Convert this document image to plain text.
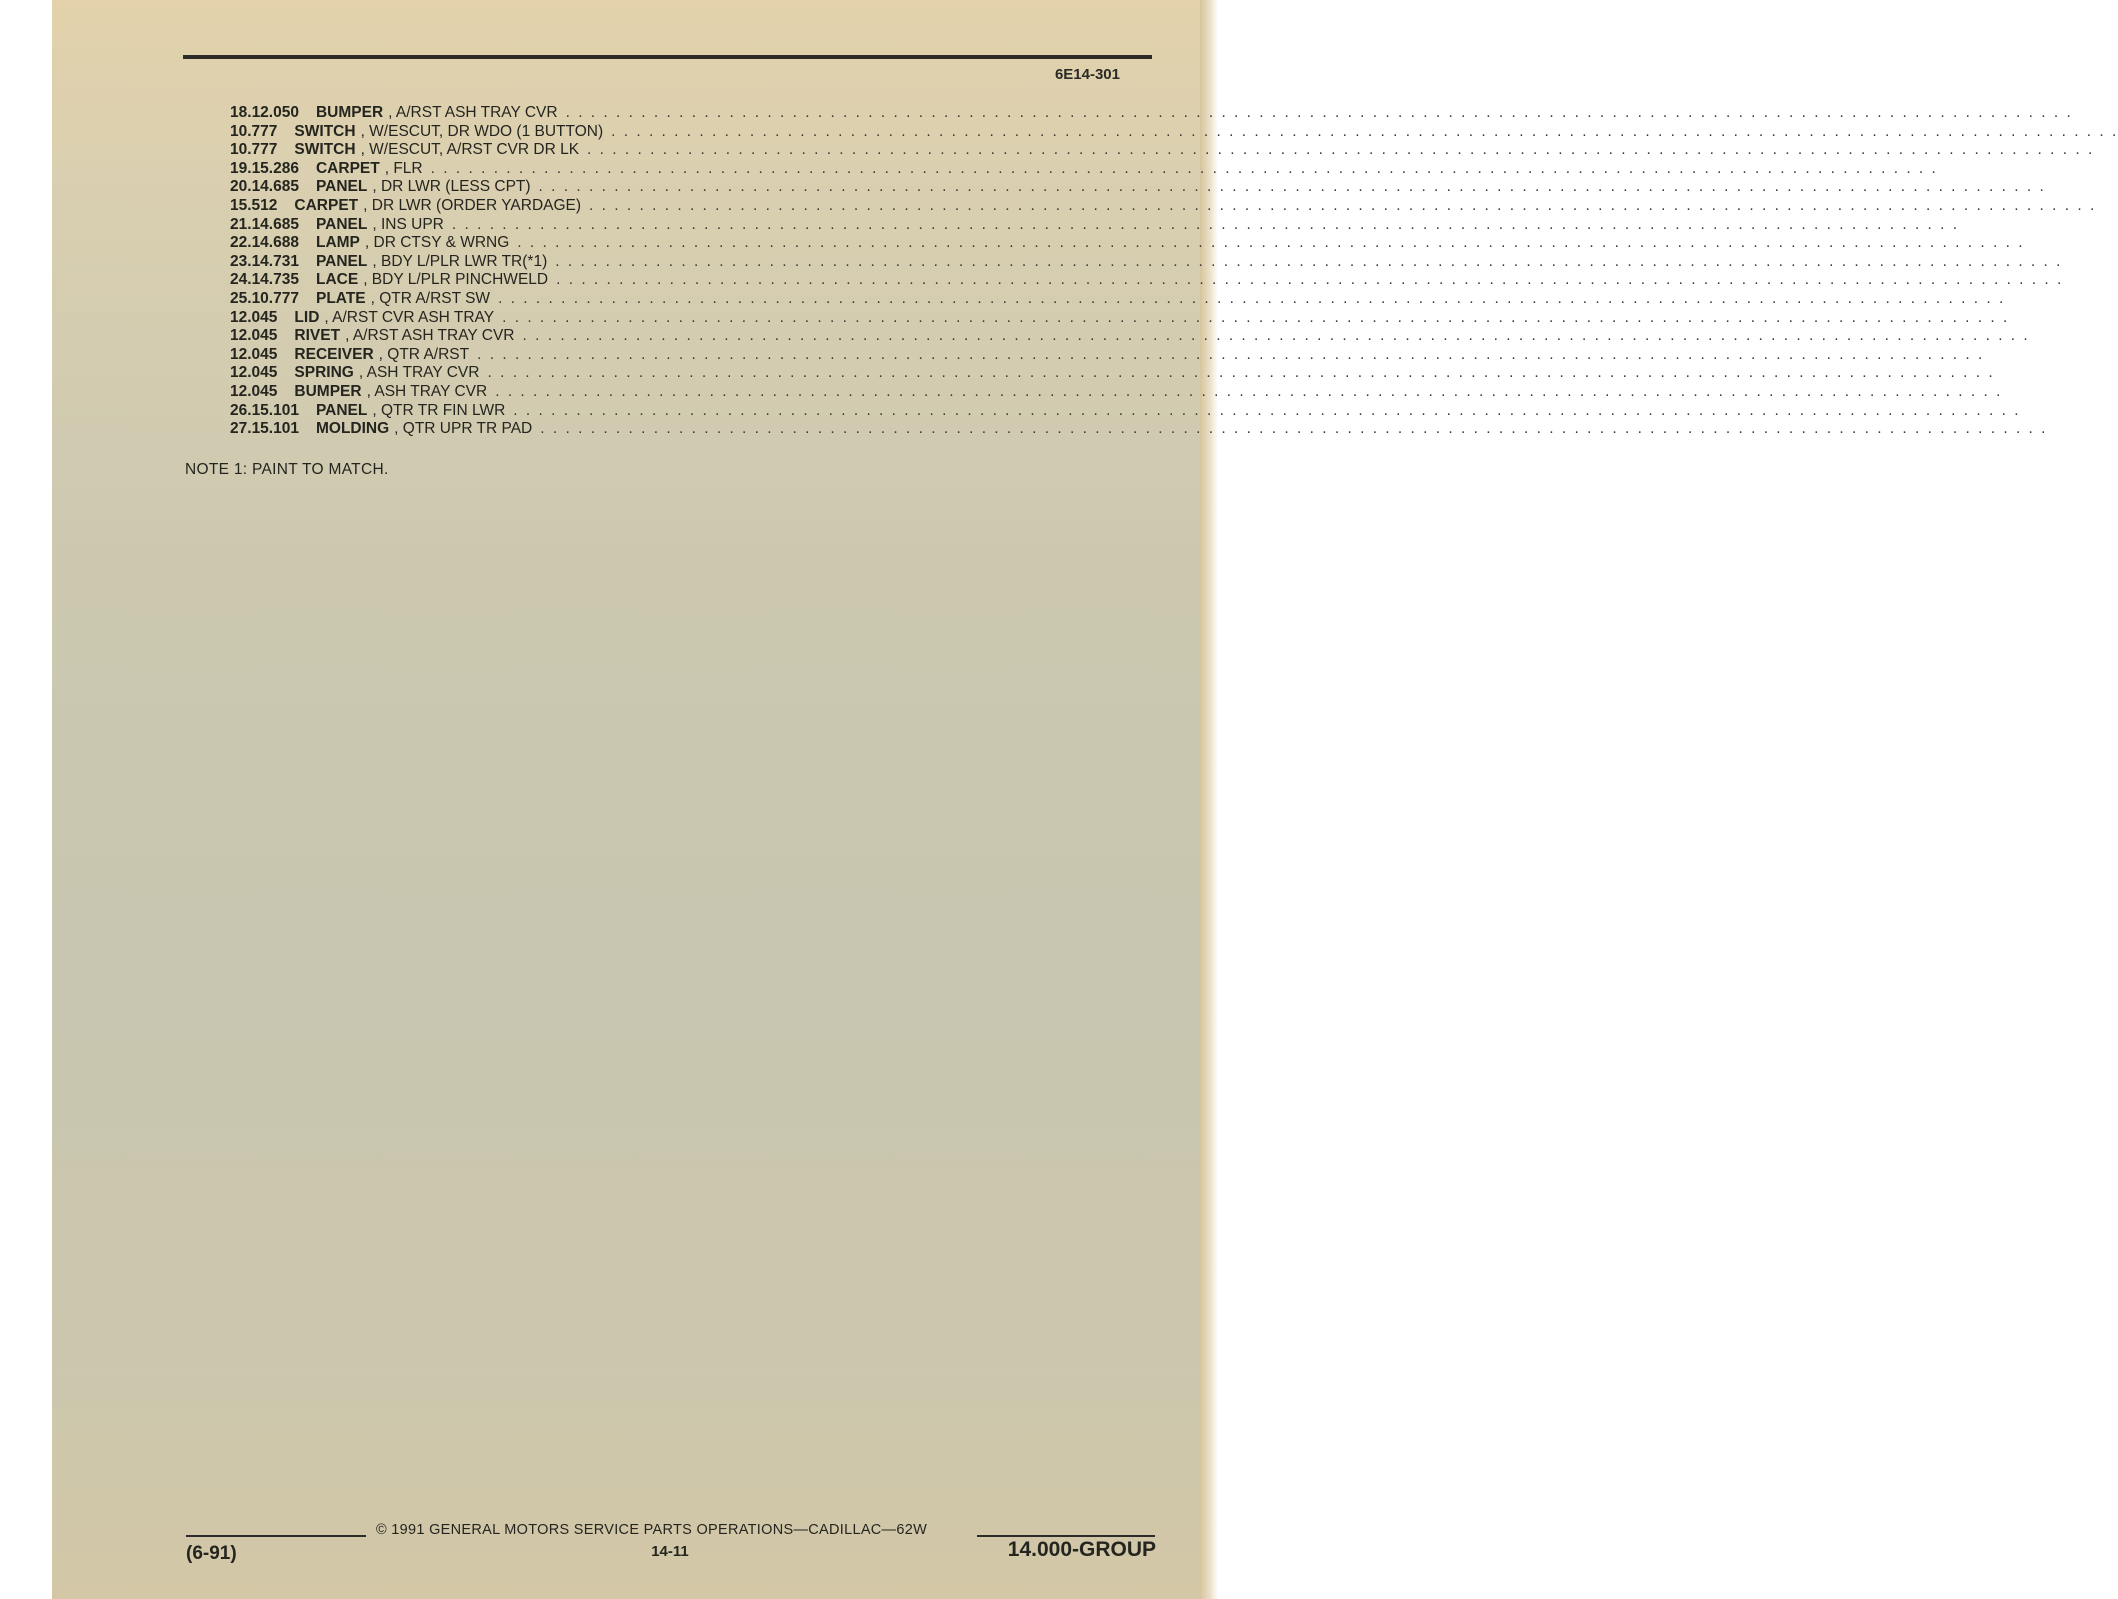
6E14-301
18. 12.050 BUMPER , A/RST ASH TRAY CVR . . . . . . . . . . . . . . . . . . . . . . . . . . . . . . . . . . . . . . . . . . . . . . . . . . . . . . . . . . . . . . . . . . . . . . . . . . . . . . . . . . . . . . . . . . . . . . . . . . . . . . . . . . . . . . . . . . . . . . . .
10.777 SWITCH , W/ESCUT, DR WDO (1 BUTTON) . . . . . . . . . . . . . . . . . . . . . . . . . . . . . . . . . . . . . . . . . . . . . . . . . . . . . . . . . . . . . . . . . . . . . . . . . . . . . . . . . . . . . . . . . . . . . . . . . . . . . . . . . . . . . . . . . . . . . . . .
10.777 SWITCH , W/ESCUT, A/RST CVR DR LK . . . . . . . . . . . . . . . . . . . . . . . . . . . . . . . . . . . . . . . . . . . . . . . . . . . . . . . . . . . . . . . . . . . . . . . . . . . . . . . . . . . . . . . . . . . . . . . . . . . . . . . . . . . . . . . . . . . . . . . .
19. 15.286 CARPET , FLR . . . . . . . . . . . . . . . . . . . . . . . . . . . . . . . . . . . . . . . . . . . . . . . . . . . . . . . . . . . . . . . . . . . . . . . . . . . . . . . . . . . . . . . . . . . . . . . . . . . . . . . . . . . . . . . . . . . . . . . .
20. 14.685 PANEL , DR LWR (LESS CPT) . . . . . . . . . . . . . . . . . . . . . . . . . . . . . . . . . . . . . . . . . . . . . . . . . . . . . . . . . . . . . . . . . . . . . . . . . . . . . . . . . . . . . . . . . . . . . . . . . . . . . . . . . . . . . . . . . . . . . . . .
15.512 CARPET , DR LWR (ORDER YARDAGE) . . . . . . . . . . . . . . . . . . . . . . . . . . . . . . . . . . . . . . . . . . . . . . . . . . . . . . . . . . . . . . . . . . . . . . . . . . . . . . . . . . . . . . . . . . . . . . . . . . . . . . . . . . . . . . . . . . . . . . . .
21. 14.685 PANEL , INS UPR . . . . . . . . . . . . . . . . . . . . . . . . . . . . . . . . . . . . . . . . . . . . . . . . . . . . . . . . . . . . . . . . . . . . . . . . . . . . . . . . . . . . . . . . . . . . . . . . . . . . . . . . . . . . . . . . . . . . . . . .
22. 14.688 LAMP , DR CTSY & WRNG . . . . . . . . . . . . . . . . . . . . . . . . . . . . . . . . . . . . . . . . . . . . . . . . . . . . . . . . . . . . . . . . . . . . . . . . . . . . . . . . . . . . . . . . . . . . . . . . . . . . . . . . . . . . . . . . . . . . . . . .
23. 14.731 PANEL , BDY L/PLR LWR TR(*1) . . . . . . . . . . . . . . . . . . . . . . . . . . . . . . . . . . . . . . . . . . . . . . . . . . . . . . . . . . . . . . . . . . . . . . . . . . . . . . . . . . . . . . . . . . . . . . . . . . . . . . . . . . . . . . . . . . . . . . . .
24. 14.735 LACE , BDY L/PLR PINCHWELD . . . . . . . . . . . . . . . . . . . . . . . . . . . . . . . . . . . . . . . . . . . . . . . . . . . . . . . . . . . . . . . . . . . . . . . . . . . . . . . . . . . . . . . . . . . . . . . . . . . . . . . . . . . . . . . . . . . . . . . .
25. 10.777 PLATE , QTR A/RST SW . . . . . . . . . . . . . . . . . . . . . . . . . . . . . . . . . . . . . . . . . . . . . . . . . . . . . . . . . . . . . . . . . . . . . . . . . . . . . . . . . . . . . . . . . . . . . . . . . . . . . . . . . . . . . . . . . . . . . . . .
12.045 LID , A/RST CVR ASH TRAY . . . . . . . . . . . . . . . . . . . . . . . . . . . . . . . . . . . . . . . . . . . . . . . . . . . . . . . . . . . . . . . . . . . . . . . . . . . . . . . . . . . . . . . . . . . . . . . . . . . . . . . . . . . . . . . . . . . . . . . .
12.045 RIVET , A/RST ASH TRAY CVR . . . . . . . . . . . . . . . . . . . . . . . . . . . . . . . . . . . . . . . . . . . . . . . . . . . . . . . . . . . . . . . . . . . . . . . . . . . . . . . . . . . . . . . . . . . . . . . . . . . . . . . . . . . . . . . . . . . . . . . .
12.045 RECEIVER , QTR A/RST . . . . . . . . . . . . . . . . . . . . . . . . . . . . . . . . . . . . . . . . . . . . . . . . . . . . . . . . . . . . . . . . . . . . . . . . . . . . . . . . . . . . . . . . . . . . . . . . . . . . . . . . . . . . . . . . . . . . . . . .
12.045 SPRING , ASH TRAY CVR . . . . . . . . . . . . . . . . . . . . . . . . . . . . . . . . . . . . . . . . . . . . . . . . . . . . . . . . . . . . . . . . . . . . . . . . . . . . . . . . . . . . . . . . . . . . . . . . . . . . . . . . . . . . . . . . . . . . . . . .
12.045 BUMPER , ASH TRAY CVR . . . . . . . . . . . . . . . . . . . . . . . . . . . . . . . . . . . . . . . . . . . . . . . . . . . . . . . . . . . . . . . . . . . . . . . . . . . . . . . . . . . . . . . . . . . . . . . . . . . . . . . . . . . . . . . . . . . . . . . .
26. 15.101 PANEL , QTR TR FIN LWR . . . . . . . . . . . . . . . . . . . . . . . . . . . . . . . . . . . . . . . . . . . . . . . . . . . . . . . . . . . . . . . . . . . . . . . . . . . . . . . . . . . . . . . . . . . . . . . . . . . . . . . . . . . . . . . . . . . . . . . .
27. 15.101 MOLDING , QTR UPR TR PAD . . . . . . . . . . . . . . . . . . . . . . . . . . . . . . . . . . . . . . . . . . . . . . . . . . . . . . . . . . . . . . . . . . . . . . . . . . . . . . . . . . . . . . . . . . . . . . . . . . . . . . . . . . . . . . . . . . . . . . . .
NOTE 1: PAINT TO MATCH.
© 1991 GENERAL MOTORS SERVICE PARTS OPERATIONS—CADILLAC—62W
(6-91)	14-11	14.000-GROUP
